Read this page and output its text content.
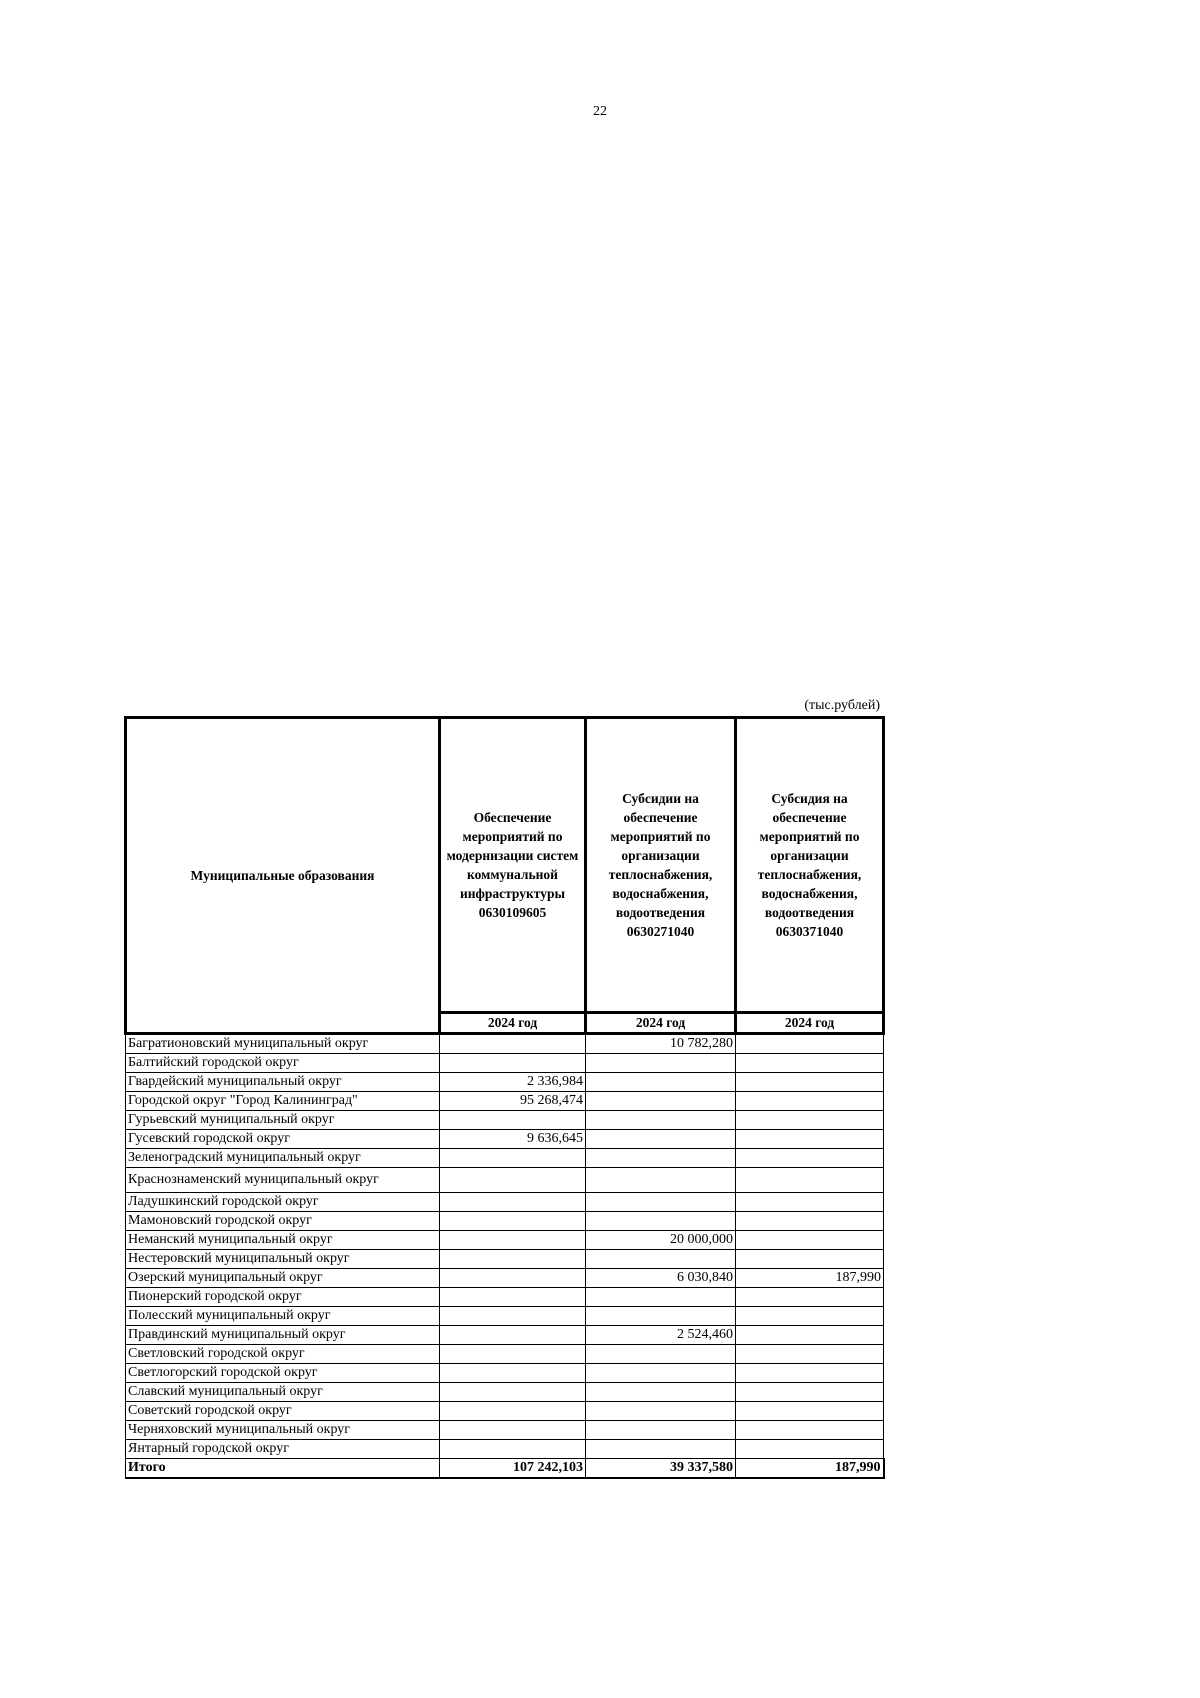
22
(тыс.рублей)
Муниципальные образования	Обеспечение мероприятий по модернизации систем коммунальной инфраструктуры 0630109605	Субсидии на обеспечение мероприятий по организации теплоснабжения, водоснабжения, водоотведения 0630271040	Субсидия на обеспечение мероприятий по организации теплоснабжения, водоснабжения, водоотведения 0630371040
	2024 год	2024 год	2024 год
Багратионовский муниципальный округ		10 782,280	
Балтийский городской округ			
Гвардейский муниципальный округ	2 336,984		
Городской округ "Город Калининград"	95 268,474		
Гурьевский муниципальный округ			
Гусевский городской округ	9 636,645		
Зеленоградский муниципальный округ			
Краснознаменский муниципальный округ			
Ладушкинский городской округ			
Мамоновский городской округ			
Неманский муниципальный округ		20 000,000	
Нестеровский муниципальный округ			
Озерский муниципальный округ		6 030,840	187,990
Пионерский городской округ			
Полесский муниципальный округ			
Правдинский муниципальный округ		2 524,460	
Светловский городской округ			
Светлогорский городской округ			
Славский муниципальный округ			
Советский городской округ			
Черняховский муниципальный округ			
Янтарный городской округ			
Итого	107 242,103	39 337,580	187,990
